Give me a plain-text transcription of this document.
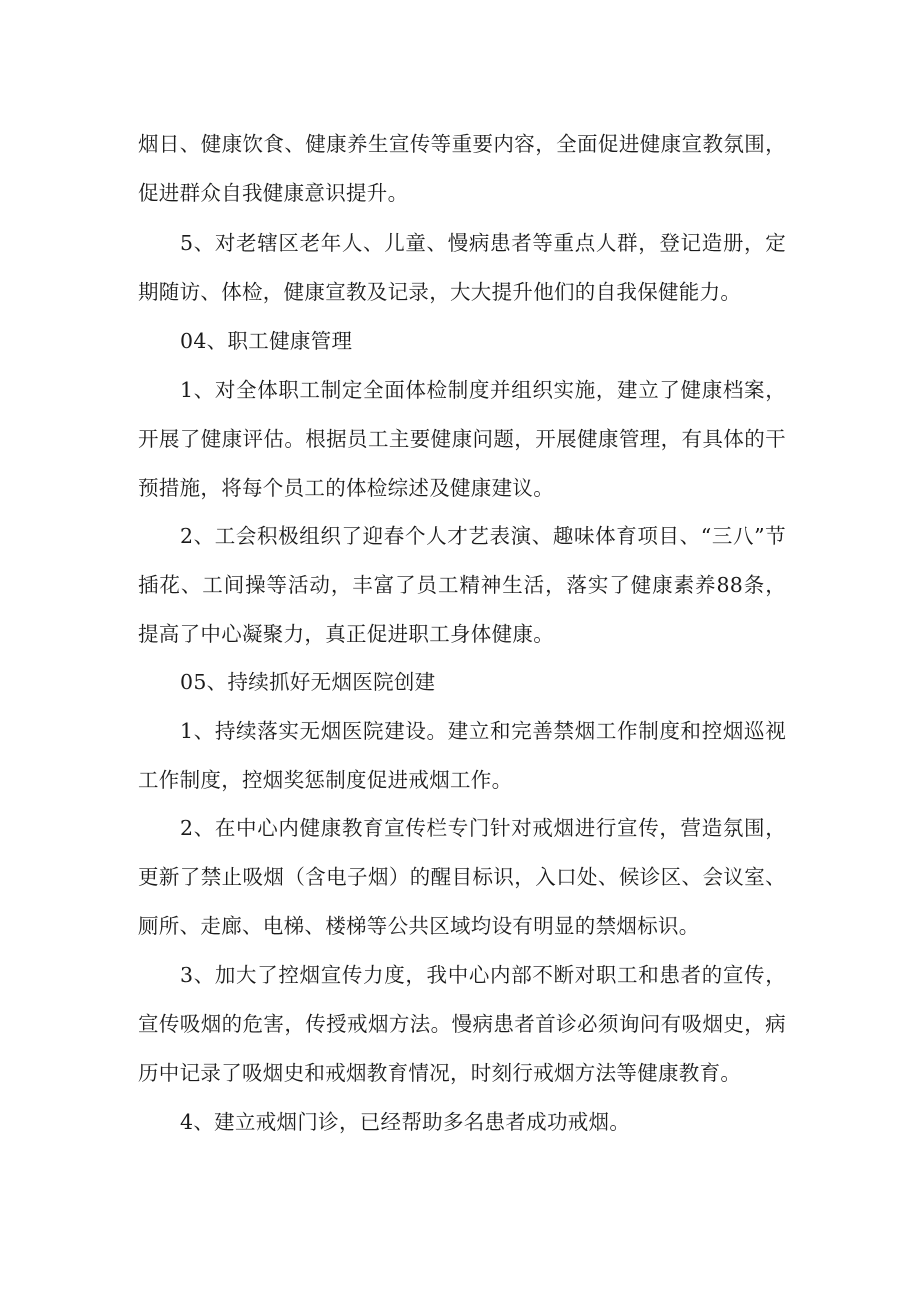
烟日、健康饮食、健康养生宣传等重要内容，全面促进健康宣教氛围，促进群众自我健康意识提升。

5、对老辖区老年人、儿童、慢病患者等重点人群，登记造册，定期随访、体检，健康宣教及记录，大大提升他们的自我保健能力。

04、职工健康管理

1、对全体职工制定全面体检制度并组织实施，建立了健康档案，开展了健康评估。根据员工主要健康问题，开展健康管理，有具体的干预措施，将每个员工的体检综述及健康建议。

2、工会积极组织了迎春个人才艺表演、趣味体育项目、“三八”节插花、工间操等活动，丰富了员工精神生活，落实了健康素养88条，提高了中心凝聚力，真正促进职工身体健康。

05、持续抓好无烟医院创建

1、持续落实无烟医院建设。建立和完善禁烟工作制度和控烟巡视工作制度，控烟奖惩制度促进戒烟工作。

2、在中心内健康教育宣传栏专门针对戒烟进行宣传，营造氛围，更新了禁止吸烟（含电子烟）的醒目标识，入口处、候诊区、会议室、厕所、走廊、电梯、楼梯等公共区域均设有明显的禁烟标识。

3、加大了控烟宣传力度，我中心内部不断对职工和患者的宣传，宣传吸烟的危害，传授戒烟方法。慢病患者首诊必须询问有吸烟史，病历中记录了吸烟史和戒烟教育情况，时刻行戒烟方法等健康教育。

4、建立戒烟门诊，已经帮助多名患者成功戒烟。
